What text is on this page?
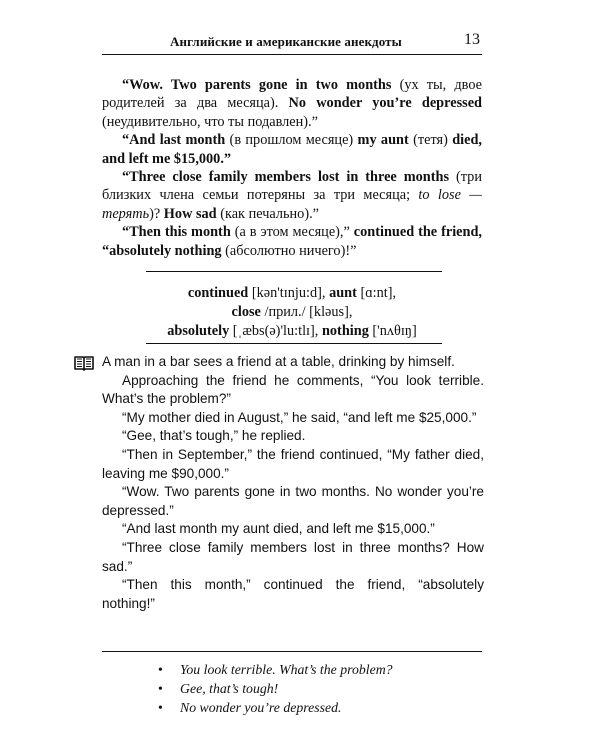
Английские и американские анекдоты	13

“Wow. Two parents gone in two months (ух ты, двое родителей за два месяца). No wonder you’re depressed (неудивительно, что ты подавлен).”

“And last month (в прошлом месяце) my aunt (тетя) died, and left me $15,000.”

“Three close family members lost in three months (три близких члена семьи потеряны за три месяца; to lose — терять)? How sad (как печально).”

“Then this month (а в этом месяце),” continued the friend, “absolutely nothing (абсолютно ничего)!”

continued [kən'tɪnju:d], aunt [ɑ:nt],
close /прил./ [kləus],
absolutely [ˌæbs(ə)'lu:tlɪ], nothing ['nʌθɪŋ]

A man in a bar sees a friend at a table, drinking by himself.

Approaching the friend he comments, “You look terrible. What’s the problem?”

“My mother died in August,” he said, “and left me $25,000.”

“Gee, that’s tough,” he replied.

“Then in September,” the friend continued, “My father died, leaving me $90,000.”

“Wow. Two parents gone in two months. No wonder you’re depressed.”

“And last month my aunt died, and left me $15,000.”

“Three close family members lost in three months? How sad.”

“Then this month,” continued the friend, “absolutely nothing!”

• You look terrible. What’s the problem?
• Gee, that’s tough!
• No wonder you’re depressed.
